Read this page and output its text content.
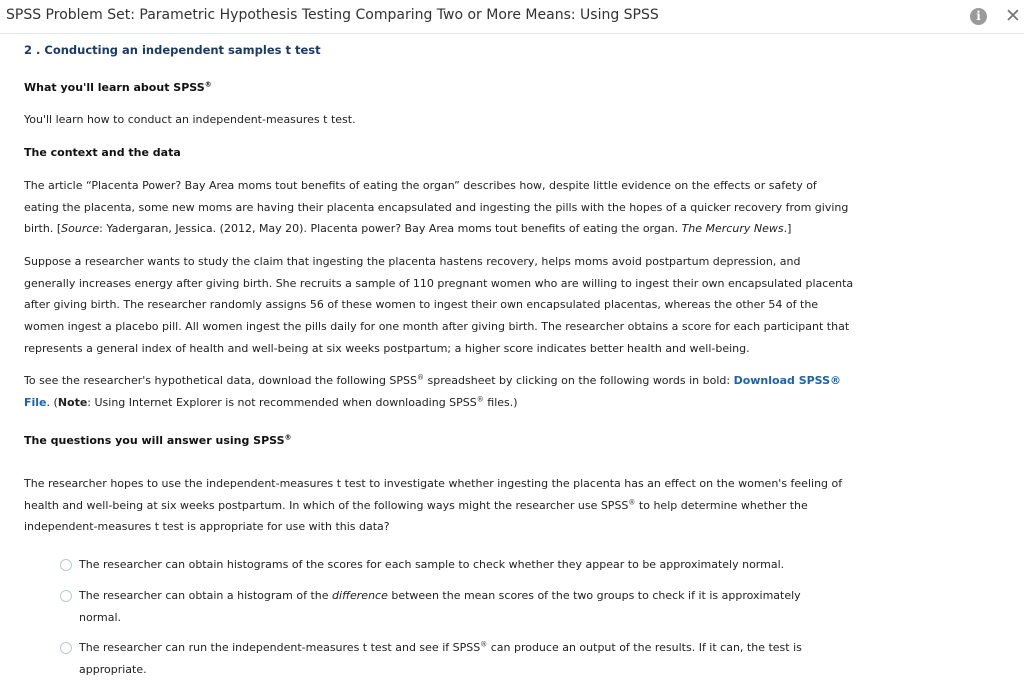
SPSS Problem Set: Parametric Hypothesis Testing Comparing Two or More Means: Using SPSS	i	✕
2 . Conducting an independent samples t test
What you'll learn about SPSS®
You'll learn how to conduct an independent-measures t test.
The context and the data
The article “Placenta Power? Bay Area moms tout benefits of eating the organ” describes how, despite little evidence on the effects or safety of eating the placenta, some new moms are having their placenta encapsulated and ingesting the pills with the hopes of a quicker recovery from giving birth. [Source: Yadergaran, Jessica. (2012, May 20). Placenta power? Bay Area moms tout benefits of eating the organ. The Mercury News.]
Suppose a researcher wants to study the claim that ingesting the placenta hastens recovery, helps moms avoid postpartum depression, and generally increases energy after giving birth. She recruits a sample of 110 pregnant women who are willing to ingest their own encapsulated placenta after giving birth. The researcher randomly assigns 56 of these women to ingest their own encapsulated placentas, whereas the other 54 of the women ingest a placebo pill. All women ingest the pills daily for one month after giving birth. The researcher obtains a score for each participant that represents a general index of health and well-being at six weeks postpartum; a higher score indicates better health and well-being.
To see the researcher's hypothetical data, download the following SPSS® spreadsheet by clicking on the following words in bold: Download SPSS® File. (Note: Using Internet Explorer is not recommended when downloading SPSS® files.)
The questions you will answer using SPSS®
The researcher hopes to use the independent-measures t test to investigate whether ingesting the placenta has an effect on the women's feeling of health and well-being at six weeks postpartum. In which of the following ways might the researcher use SPSS® to help determine whether the independent-measures t test is appropriate for use with this data?
The researcher can obtain histograms of the scores for each sample to check whether they appear to be approximately normal.
The researcher can obtain a histogram of the difference between the mean scores of the two groups to check if it is approximately normal.
The researcher can run the independent-measures t test and see if SPSS® can produce an output of the results. If it can, the test is appropriate.
